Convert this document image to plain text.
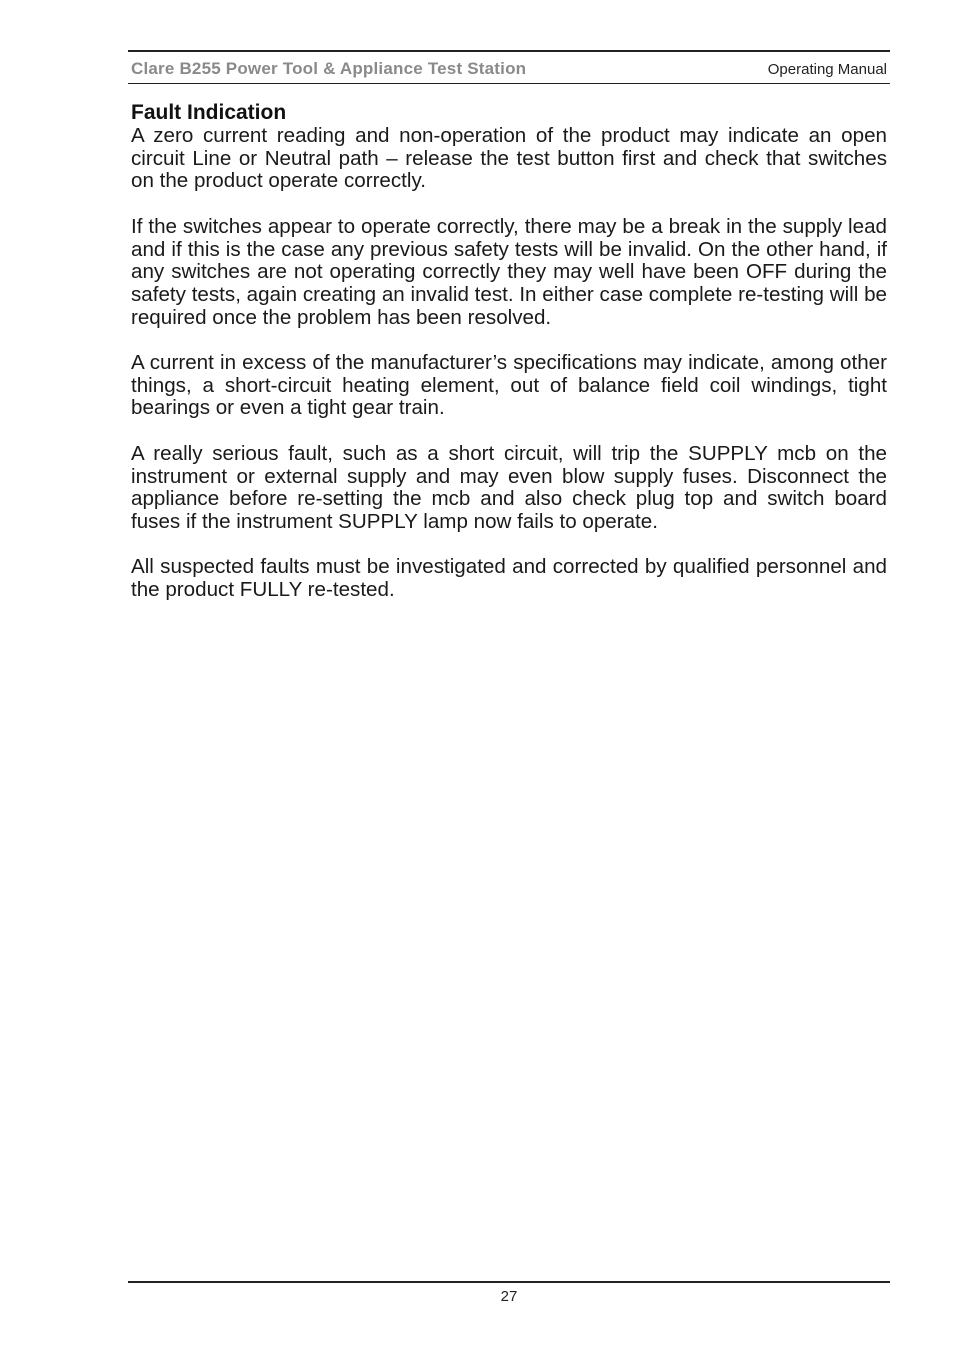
Clare B255 Power Tool & Appliance Test Station	Operating Manual
Fault Indication

A zero current reading and non-operation of the product may indicate an open circuit Line or Neutral path – release the test button first and check that switches on the product operate correctly.

If the switches appear to operate correctly, there may be a break in the supply lead and if this is the case any previous safety tests will be invalid. On the other hand, if any switches are not operating correctly they may well have been OFF during the safety tests, again creating an invalid test. In either case complete re-testing will be required once the problem has been resolved.

A current in excess of the manufacturer’s specifications may indicate, among other things, a short-circuit heating element, out of balance field coil windings, tight bearings or even a tight gear train.

A really serious fault, such as a short circuit, will trip the SUPPLY mcb on the instrument or external supply and may even blow supply fuses. Disconnect the appliance before re-setting the mcb and also check plug top and switch board fuses if the instrument SUPPLY lamp now fails to operate.

All suspected faults must be investigated and corrected by qualified personnel and the product FULLY re-tested.

27
